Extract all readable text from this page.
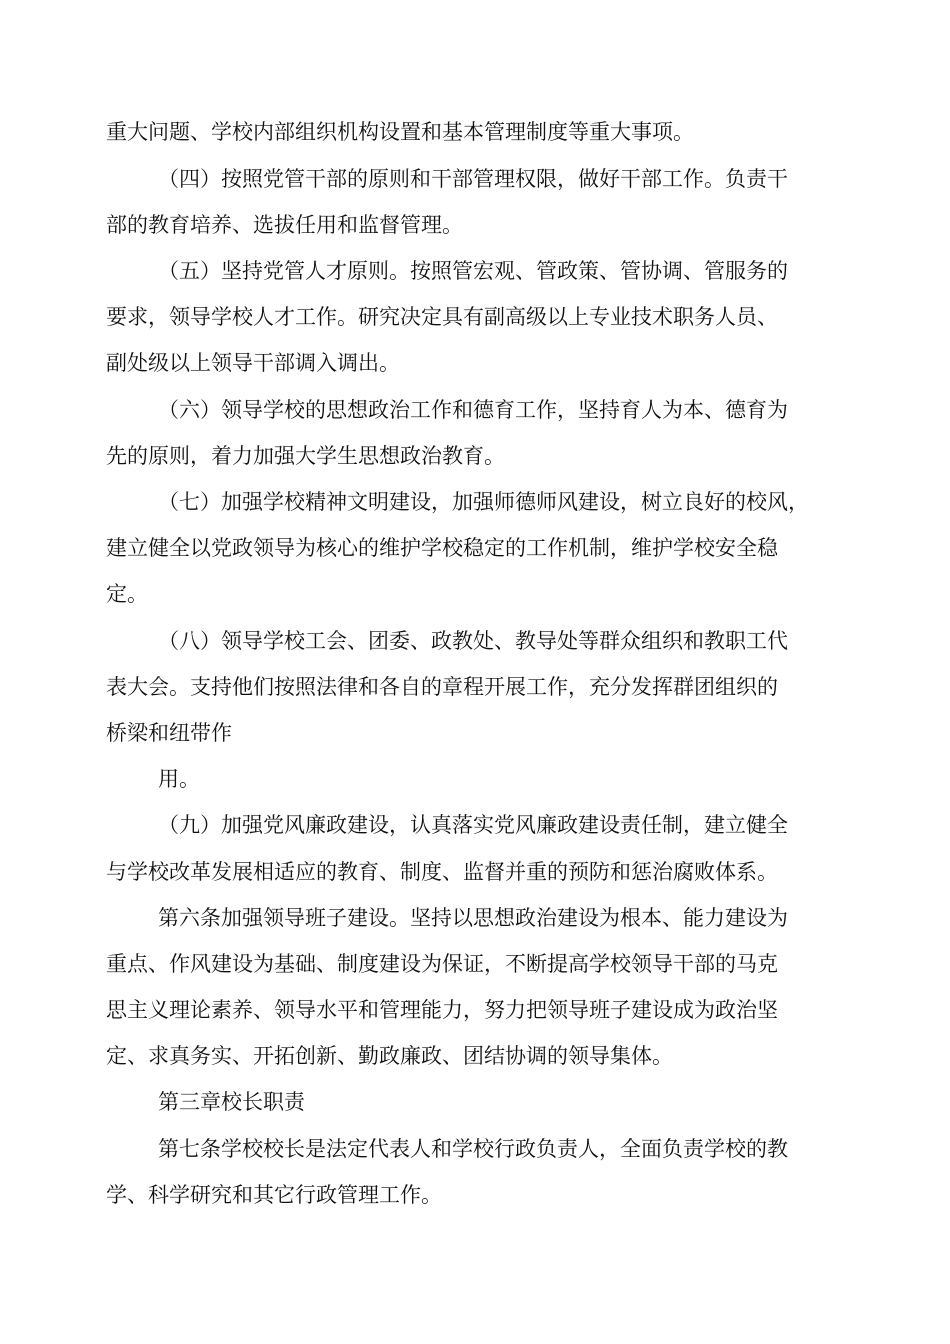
重大问题、学校内部组织机构设置和基本管理制度等重大事项。

（四）按照党管干部的原则和干部管理权限，做好干部工作。负责干

部的教育培养、选拔任用和监督管理。

（五）坚持党管人才原则。按照管宏观、管政策、管协调、管服务的

要求，领导学校人才工作。研究决定具有副高级以上专业技术职务人员、

副处级以上领导干部调入调出。

（六）领导学校的思想政治工作和德育工作，坚持育人为本、德育为

先的原则，着力加强大学生思想政治教育。

（七）加强学校精神文明建设，加强师德师风建设，树立良好的校风，

建立健全以党政领导为核心的维护学校稳定的工作机制，维护学校安全稳

定。

（八）领导学校工会、团委、政教处、教导处等群众组织和教职工代

表大会。支持他们按照法律和各自的章程开展工作，充分发挥群团组织的

桥梁和纽带作

用。

（九）加强党风廉政建设，认真落实党风廉政建设责任制，建立健全

与学校改革发展相适应的教育、制度、监督并重的预防和惩治腐败体系。

第六条加强领导班子建设。坚持以思想政治建设为根本、能力建设为

重点、作风建设为基础、制度建设为保证，不断提高学校领导干部的马克

思主义理论素养、领导水平和管理能力，努力把领导班子建设成为政治坚

定、求真务实、开拓创新、勤政廉政、团结协调的领导集体。

第三章校长职责

第七条学校校长是法定代表人和学校行政负责人，全面负责学校的教

学、科学研究和其它行政管理工作。
